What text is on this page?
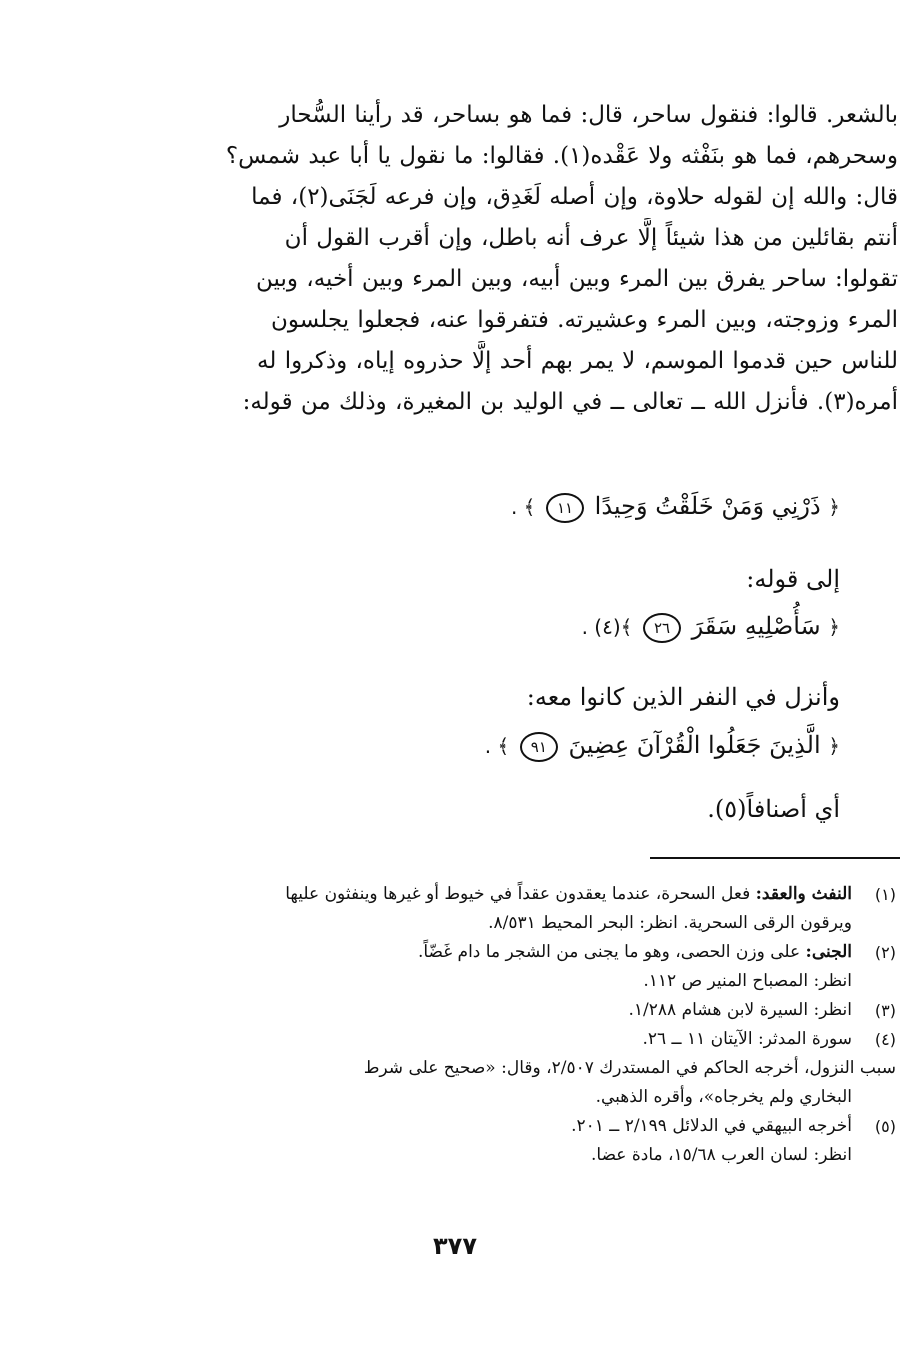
بالشعر. قالوا: فنقول ساحر، قال: فما هو بساحر، قد رأينا السُّحار
وسحرهم، فما هو بنَفْثه ولا عَقْده(١). فقالوا: ما نقول يا أبا عبد شمس؟
قال: والله إن لقوله حلاوة، وإن أصله لَغَدِق، وإن فرعه لَجَنَى(٢)، فما
أنتم بقائلين من هذا شيئاً إلَّا عرف أنه باطل، وإن أقرب القول أن
تقولوا: ساحر يفرق بين المرء وبين أبيه، وبين المرء وبين أخيه، وبين
المرء وزوجته، وبين المرء وعشيرته. فتفرقوا عنه، فجعلوا يجلسون
للناس حين قدموا الموسم، لا يمر بهم أحد إلَّا حذروه إياه، وذكروا له
أمره(٣). فأنزل الله ــ تعالى ــ في الوليد بن المغيرة، وذلك من قوله:
﴿ ذَرْنِي وَمَنْ خَلَقْتُ وَحِيدًا ١١ ﴾ .
إلى قوله:
﴿ سَأُصْلِيهِ سَقَرَ ٢٦ ﴾(٤) .
وأنزل في النفر الذين كانوا معه:
﴿ الَّذِينَ جَعَلُوا الْقُرْآنَ عِضِينَ ٩١ ﴾ .
أي أصنافاً(٥).
(١)
النفث والعقد: فعل السحرة، عندما يعقدون عقداً في خيوط أو غيرها وينفثون عليها
ويرقون الرقى السحرية. انظر: البحر المحيط ٨/٥٣١.
(٢)
الجنى: على وزن الحصى، وهو ما يجنى من الشجر ما دام غَضّاً.
انظر: المصباح المنير ص ١١٢.
(٣)
انظر: السيرة لابن هشام ١/٢٨٨.
(٤)
سورة المدثر: الآيتان ١١ ــ ٢٦.
سبب النزول، أخرجه الحاكم في المستدرك ٢/٥٠٧، وقال: «صحيح على شرط
البخاري ولم يخرجاه»، وأقره الذهبي.
(٥)
أخرجه البيهقي في الدلائل ٢/١٩٩ ــ ٢٠١.
انظر: لسان العرب ١٥/٦٨، مادة عضا.
٣٧٧
